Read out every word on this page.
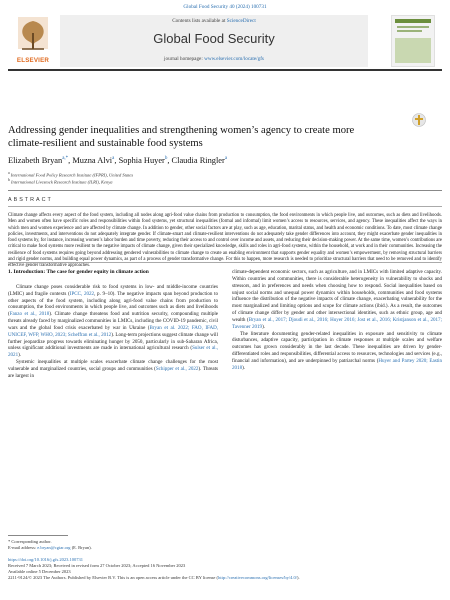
Global Food Security 40 (2024) 100731
ELSEVIER
Contents lists available at ScienceDirect
Global Food Security
journal homepage: www.elsevier.com/locate/gfs
Addressing gender inequalities and strengthening women’s agency to create more climate-resilient and sustainable food systems
Elizabeth Bryan$^{a,*}$, Muzna Alvi$^a$, Sophia Huyer$^b$, Claudia Ringler$^a$
$^a$ International Food Policy Research Institute (IFPRI), United States
$^b$ International Livestock Research Institute (ILRI), Kenya
ABSTRACT
Climate change affects every aspect of the food system, including all nodes along agri-food value chains from production to consumption, the food environments in which people live, and outcomes, such as diets and livelihoods. Men and women often have specific roles and responsibilities within food systems, yet structural inequalities (formal and informal) limit women’s access to resources, services, and agency. These inequalities affect the ways in which men and women experience and are affected by climate change. In addition to gender, other social factors are at play, such as age, education, marital status, and health and economic conditions. To date, most climate change policies, investments, and interventions do not adequately integrate gender. If climate-smart and climate-resilient interventions do not adequately take gender differences into account, they might exacerbate gender inequalities in food systems by, for instance, increasing women’s labor burden and time poverty, reducing their access to and control over income and assets, and reducing their decision-making power. At the same time, women’s contributions are critical to make food systems more resilient to the negative impacts of climate change, given their specialized knowledge, skills and roles in agri-food systems, within the household, at work and in their communities. Increasing the resilience of food systems requires going beyond addressing gendered vulnerabilities to climate change to create an enabling environment that supports gender equality and women’s empowerment, by removing structural barriers and rigid gender norms, and building equal power dynamics, as part of a process of gender transformative change. For this to happen, more research is needed to prioritize structural barriers that need to be removed and to identify effective gender transformative approaches.

1. Introduction: The case for gender equity in climate action

Climate change poses considerable risk to food systems in low- and middle-income countries (LMIC) and fragile contexts (IPCC, 2022, p. 9–10). The negative impacts span beyond production to other aspects of the food system, including along agri-food value chains from production to consumption, the food environments in which people live, and outcomes such as diets and livelihoods (Fanzo et al., 2018). Climate change threatens food and nutrition security, compounding multiple threats already faced by marginalized communities in LMICs, including the COVID-19 pandemic, civil wars and the global food crisis exacerbated by war in Ukraine (Bryan et al. 2022; FAO, IFAD, UNICEF, WFP, WHO, 2023; Scheffran et al., 2012). Long-term projections suggest climate change will further jeopardize progress towards eliminating hunger by 2050, particularly in sub-Saharan Africa, unless significant additional investments are made in international agricultural research (Sulser et al., 2021).

Systemic inequalities at multiple scales exacerbate climate change challenges for the most vulnerable and marginalized countries, social groups and communities (Schipper et al., 2022). Threats are largest in

climate-dependent economic sectors, such as agriculture, and in LMICs with limited adaptive capacity. Within countries and communities, there is considerable heterogeneity in vulnerability to shocks and stressors, and in preferences and needs when choosing how to respond. Social inequalities based on unjust social norms and unequal power dynamics within households, communities and food systems influence the distribution of the negative impacts of climate change, exacerbating vulnerability for the most marginalized and limiting options and scope for climate actions (ibid.). As a result, the outcomes of climate change differ by gender and other intersectional identities, such as ethnic group, age and wealth (Bryan et al., 2017; Djoudi et al., 2016; Huyer 2016; Jost et al., 2016; Kristjanson et al., 2017; Tavenner 2019).

The literature documenting gender-related inequalities in exposure and sensitivity to climate disturbances, adaptive capacity, participation in climate responses at multiple scales and welfare outcomes has grown considerably in the last decade. These inequalities are driven by gender-differentiated roles and responsibilities, differential access to resources, technologies and services (e.g., financial and information), and are underpinned by patriarchal norms (Huyer and Partey 2020; Eastin 2018).

* Corresponding author.
E-mail address: e.bryan@cgiar.org (E. Bryan).
https://doi.org/10.1016/j.gfs.2023.100731
Received 7 March 2023; Received in revised form 27 October 2023; Accepted 16 November 2023
Available online 5 December 2023
2211-9124/© 2023 The Authors. Published by Elsevier B.V. This is an open access article under the CC BY license (http://creativecommons.org/licenses/by/4.0/).
